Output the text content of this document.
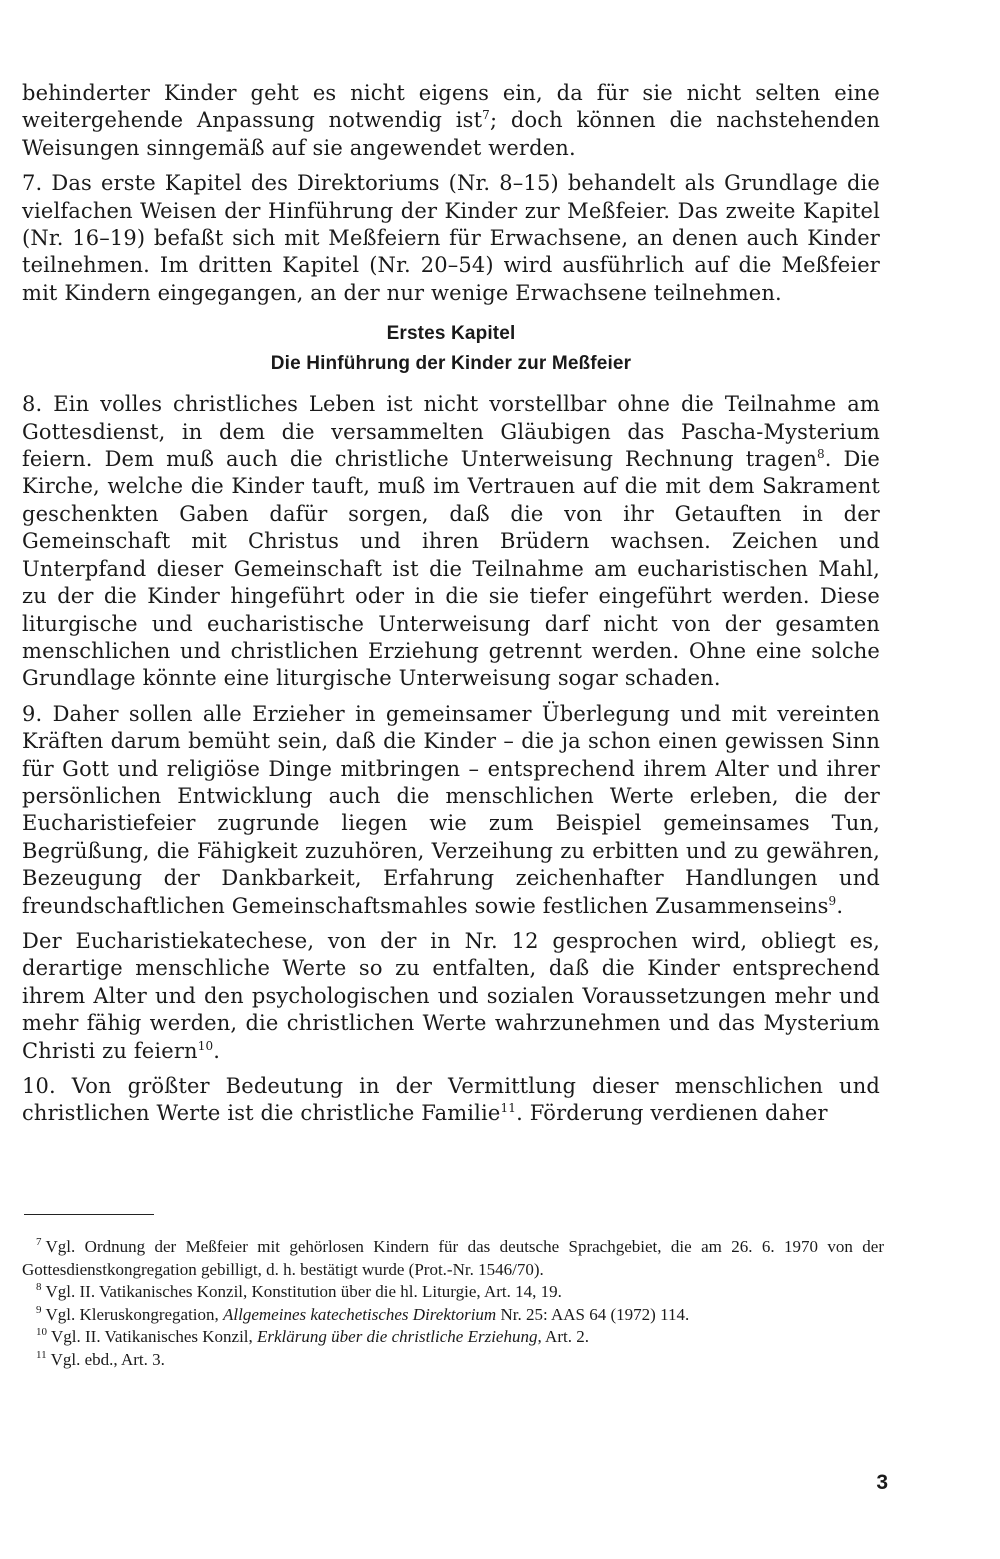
behinderter Kinder geht es nicht eigens ein, da für sie nicht selten eine weitergehende Anpassung notwendig ist$^7$; doch können die nachstehenden Weisungen sinngemäß auf sie angewendet werden.

7. Das erste Kapitel des Direktoriums (Nr. 8–15) behandelt als Grundlage die vielfachen Weisen der Hinführung der Kinder zur Meßfeier. Das zweite Kapitel (Nr. 16–19) befaßt sich mit Meßfeiern für Erwachsene, an denen auch Kinder teilnehmen. Im dritten Kapitel (Nr. 20–54) wird ausführlich auf die Meßfeier mit Kindern eingegangen, an der nur wenige Erwachsene teilnehmen.

Erstes Kapitel
Die Hinführung der Kinder zur Meßfeier

8. Ein volles christliches Leben ist nicht vorstellbar ohne die Teilnahme am Gottesdienst, in dem die versammelten Gläubigen das Pascha-Mysterium feiern. Dem muß auch die christliche Unterweisung Rechnung tragen$^8$. Die Kirche, welche die Kinder tauft, muß im Vertrauen auf die mit dem Sakrament geschenkten Gaben dafür sorgen, daß die von ihr Getauften in der Gemeinschaft mit Christus und ihren Brüdern wachsen. Zeichen und Unterpfand dieser Gemeinschaft ist die Teilnahme am eucharistischen Mahl, zu der die Kinder hingeführt oder in die sie tiefer eingeführt werden. Diese liturgische und eucharistische Unterweisung darf nicht von der gesamten menschlichen und christlichen Erziehung getrennt werden. Ohne eine solche Grundlage könnte eine liturgische Unterweisung sogar schaden.

9. Daher sollen alle Erzieher in gemeinsamer Überlegung und mit vereinten Kräften darum bemüht sein, daß die Kinder – die ja schon einen gewissen Sinn für Gott und religiöse Dinge mitbringen – entsprechend ihrem Alter und ihrer persönlichen Entwicklung auch die menschlichen Werte erleben, die der Eucharistiefeier zugrunde liegen wie zum Beispiel gemeinsames Tun, Begrüßung, die Fähigkeit zuzuhören, Verzeihung zu erbitten und zu gewähren, Bezeugung der Dankbarkeit, Erfahrung zeichenhafter Handlungen und freundschaftlichen Gemeinschaftsmahles sowie festlichen Zusammenseins$^9$.

Der Eucharistiekatechese, von der in Nr. 12 gesprochen wird, obliegt es, derartige menschliche Werte so zu entfalten, daß die Kinder entsprechend ihrem Alter und den psychologischen und sozialen Voraussetzungen mehr und mehr fähig werden, die christlichen Werte wahrzunehmen und das Mysterium Christi zu feiern$^{10}$.

10. Von größter Bedeutung in der Vermittlung dieser menschlichen und christlichen Werte ist die christliche Familie$^{11}$. Förderung verdienen daher

$^7$ Vgl. Ordnung der Meßfeier mit gehörlosen Kindern für das deutsche Sprachgebiet, die am 26. 6. 1970 von der Gottesdienstkongregation gebilligt, d. h. bestätigt wurde (Prot.-Nr. 1546/70).

$^8$ Vgl. II. Vatikanisches Konzil, Konstitution über die hl. Liturgie, Art. 14, 19.

$^9$ Vgl. Kleruskongregation, Allgemeines katechetisches Direktorium Nr. 25: AAS 64 (1972) 114.

$^{10}$ Vgl. II. Vatikanisches Konzil, Erklärung über die christliche Erziehung, Art. 2.

$^{11}$ Vgl. ebd., Art. 3.

3
